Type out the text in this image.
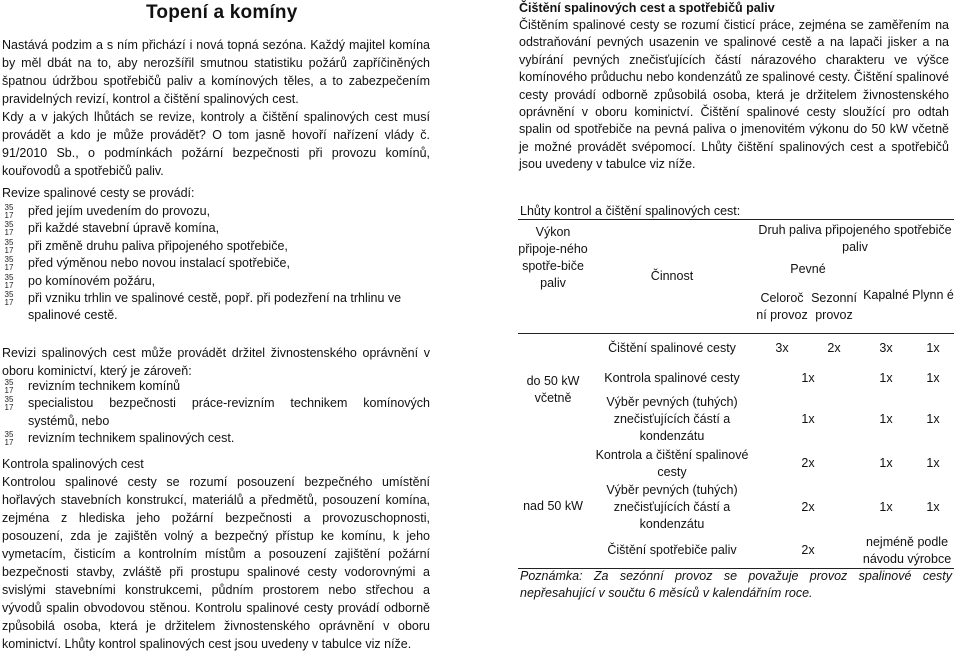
Topení a komíny

Nastává podzim a s ním přichází i nová topná sezóna. Každý majitel komína by měl dbát na to, aby nerozšířil smutnou statistiku požárů zapříčiněných špatnou údržbou spotřebičů paliv a komínových těles, a to zabezpečením pravidelných revizí, kontrol a čištění spalinových cest.

Kdy a v jakých lhůtách se revize, kontroly a čištění spalinových cest musí provádět a kdo je může provádět? O tom jasně hovoří nařízení vlády č. 91/2010 Sb., o podmínkách požární bezpečnosti při provozu komínů, kouřovodů a spotřebičů paliv.

Revize spalinové cesty se provádí:
35
17 před jejím uvedením do provozu,
35
17 při každé stavební úpravě komína,
35
17 při změně druhu paliva připojeného spotřebiče,
35
17 před výměnou nebo novou instalací spotřebiče,
35
17 po komínovém požáru,
35
17 při vzniku trhlin ve spalinové cestě, popř. při podezření na trhlinu ve spalinové cestě.

Revizi spalinových cest může provádět držitel živnostenského oprávnění v oboru kominictví, který je zároveň:

35
17 revizním technikem komínů
35
17 specialistou bezpečnosti práce-revizním technikem komínových systémů, nebo
35
17 revizním technikem spalinových cest.
Kontrola spalinových cest

Kontrolou spalinové cesty se rozumí posouzení bezpečného umístění hořlavých stavebních konstrukcí, materiálů a předmětů, posouzení komína, zejména z hlediska jeho požární bezpečnosti a provozuschopnosti, posouzení, zda je zajištěn volný a bezpečný přístup ke komínu, k jeho vymetacím, čisticím a kontrolním místům a posouzení zajištění požární bezpečnosti stavby, zvláště při prostupu spalinové cesty vodorovnými a svislými stavebními konstrukcemi, půdním prostorem nebo střechou a vývodů spalin obvodovou stěnou. Kontrolu spalinové cesty provádí odborně způsobilá osoba, která je držitelem živnostenského oprávnění v oboru kominictví. Lhůty kontrol spalinových cest jsou uvedeny v tabulce viz níže.

Čištění spalinových cest a spotřebičů paliv

Čištěním spalinové cesty se rozumí čisticí práce, zejména se zaměřením na odstraňování pevných usazenin ve spalinové cestě a na lapači jisker a na vybírání pevných znečisťujících částí nárazového charakteru ve výšce komínového průduchu nebo kondenzátů ze spalinové cesty. Čištění spalinové cesty provádí odborně způsobilá osoba, která je držitelem živnostenského oprávnění v oboru kominictví. Čištění spalinové cesty sloužící pro odtah spalin od spotřebiče na pevná paliva o jmenovitém výkonu do 50 kW včetně je možné provádět svépomocí. Lhůty čištění spalinových cest a spotřebičů jsou uvedeny v tabulce viz níže.

Lhůty kontrol a čištění spalinových cest:
Výkon připoje-ného spotře-biče paliv	Činnost	Druh paliva připojeného spotřebiče paliv			
		Pevné		Kapalné	Plynn é
		Celoroč ní provoz	Sezonní provoz		
do 50 kW včetně	Čištění spalinové cesty	3x	2x	3x	1x
	Kontrola spalinové cesty	1x		1x	1x
	Výběr pevných (tuhých) znečisťujících částí a kondenzátu	1x		1x	1x
nad 50 kW	Kontrola a čištění spalinové cesty	2x		1x	1x
	Výběr pevných (tuhých) znečisťujících částí a kondenzátu	2x		1x	1x
	Čištění spotřebiče paliv	2x		nejméně podle návodu výrobce	
Poznámka: Za sezónní provoz se považuje provoz spalinové cesty nepřesahující v součtu 6 měsíců v kalendářním roce.
